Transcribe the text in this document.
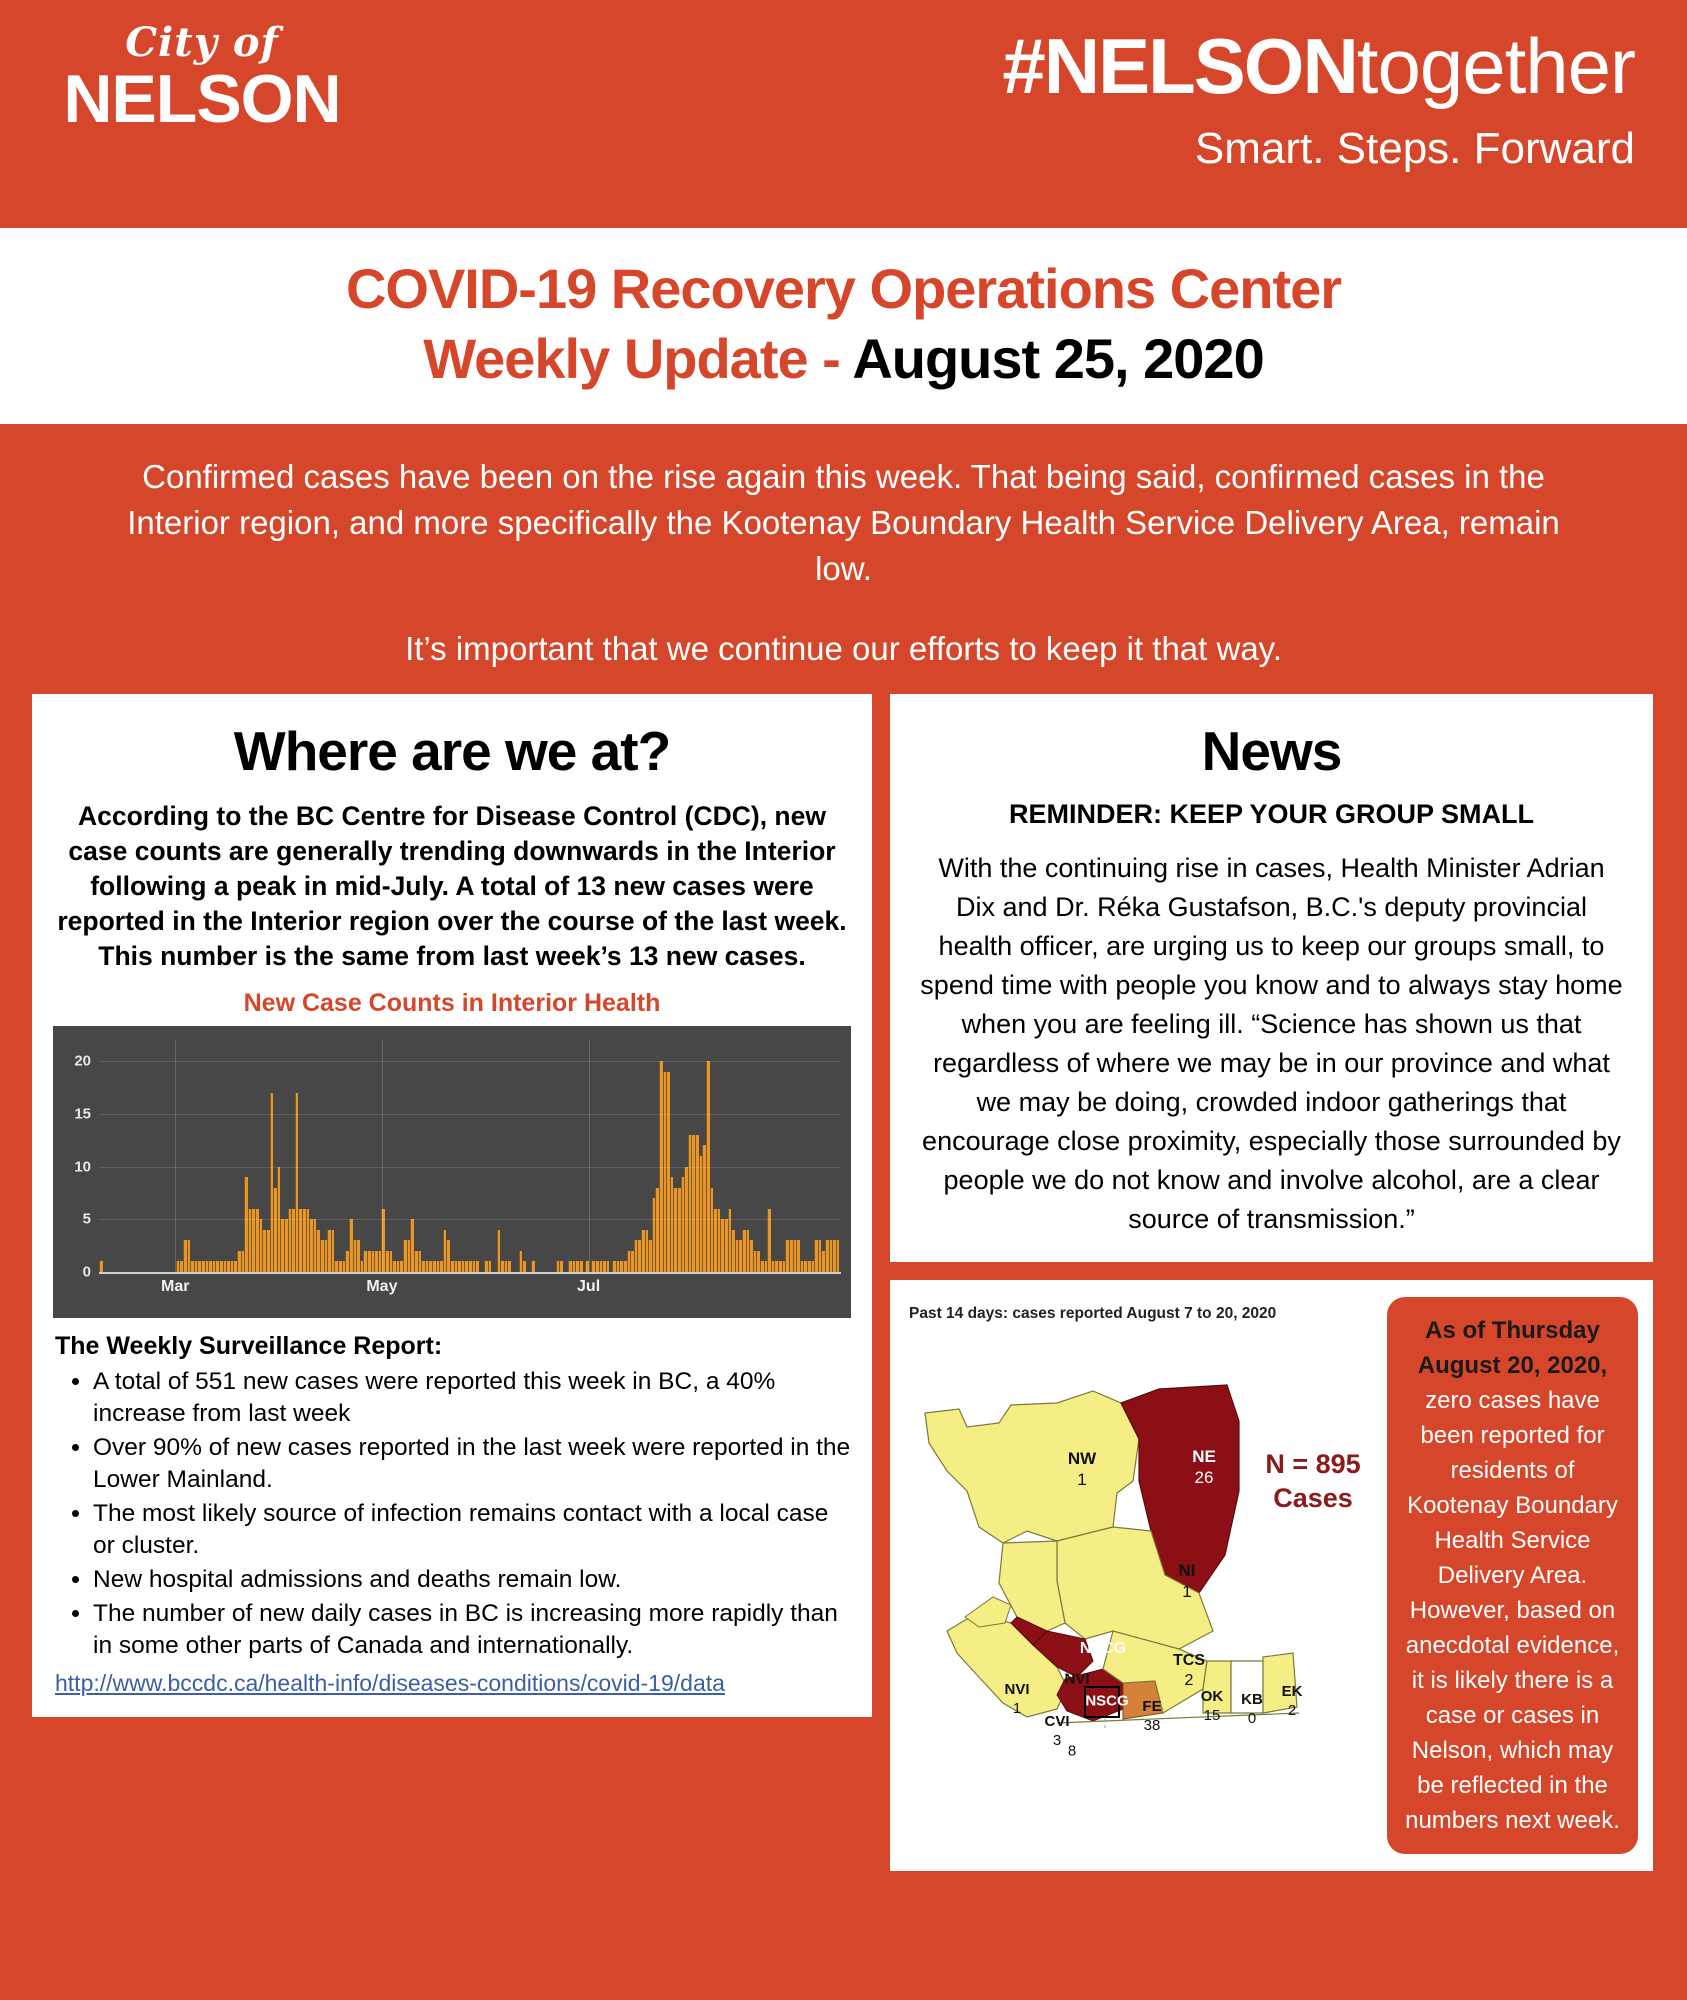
City of
NELSON	#NELSONtogether
Smart. Steps. Forward
COVID-19 Recovery Operations Center
Weekly Update - August 25, 2020

Confirmed cases have been on the rise again this week. That being said, confirmed cases in the Interior region, and more specifically the Kootenay Boundary Health Service Delivery Area, remain low.

It’s important that we continue our efforts to keep it that way.

Where are we at?
According to the BC Centre for Disease Control (CDC), new case counts are generally trending downwards in the Interior following a peak in mid-July. A total of 13 new cases were reported in the Interior region over the course of the last week. This number is the same from last week’s 13 new cases.
New Case Counts in Interior Health
0
5
10
15
20
Mar	May	Jul
The Weekly Surveillance Report:
• A total of 551 new cases were reported this week in BC, a 40% increase from last week
• Over 90% of new cases reported in the last week were reported in the Lower Mainland.
• The most likely source of infection remains contact with a local case or cluster.
• New hospital admissions and deaths remain low.
• The number of new daily cases in BC is increasing more rapidly than in some other parts of Canada and internationally.
http://www.bccdc.ca/health-info/diseases-conditions/covid-19/data
News
REMINDER: KEEP YOUR GROUP SMALL
With the continuing rise in cases, Health Minister Adrian Dix and Dr. Réka Gustafson, B.C.'s deputy provincial health officer, are urging us to keep our groups small, to spend time with people you know and to always stay home when you are feeling ill. “Science has shown us that regardless of where we may be in our province and what we may be doing, crowded indoor gatherings that encourage close proximity, especially those surrounded by people we do not know and involve alcohol, are a clear source of transmission.”
Past 14 days: cases reported August 7 to 20, 2020
NW
1
NE
26
NI
1
NSCG
NVI
NVI
1	NSCG
TCS
2
FE
38
OK
15
KB
0
EK
2
CVI
3
8
N = 895
Cases

As of Thursday
August 20, 2020, zero cases have been reported for residents of Kootenay Boundary Health Service Delivery Area. However, based on anecdotal evidence, it is likely there is a case or cases in Nelson, which may be reflected in the numbers next week.
